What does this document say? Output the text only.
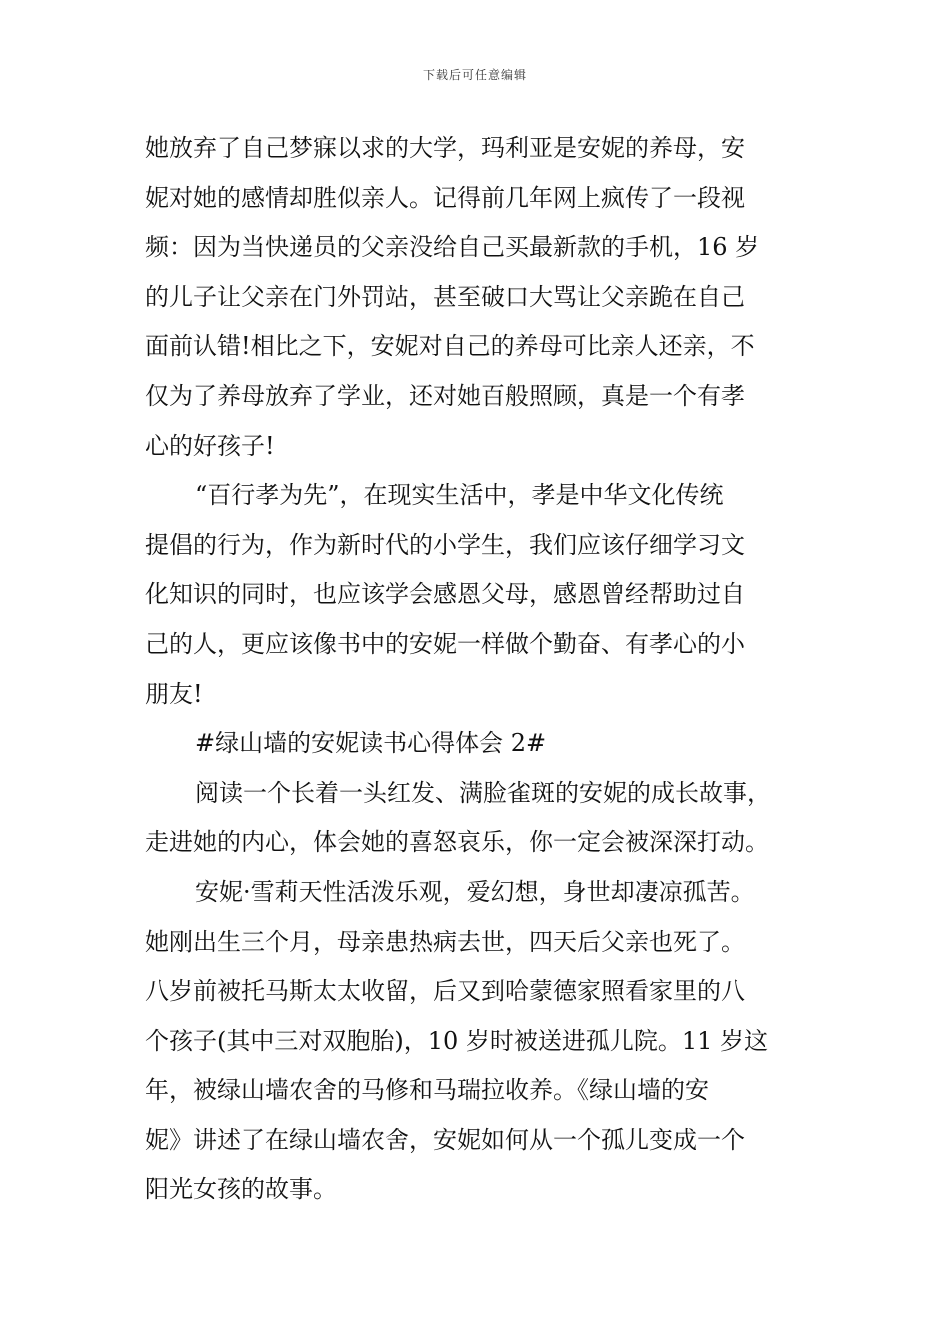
下载后可任意编辑
她放弃了自己梦寐以求的大学，玛利亚是安妮的养母，安
妮对她的感情却胜似亲人。记得前几年网上疯传了一段视
频：因为当快递员的父亲没给自己买最新款的手机，16 岁
的儿子让父亲在门外罚站，甚至破口大骂让父亲跪在自己
面前认错!相比之下，安妮对自己的养母可比亲人还亲，不
仅为了养母放弃了学业，还对她百般照顾，真是一个有孝
心的好孩子!
“百行孝为先”，在现实生活中，孝是中华文化传统
提倡的行为，作为新时代的小学生，我们应该仔细学习文
化知识的同时，也应该学会感恩父母，感恩曾经帮助过自
己的人，更应该像书中的安妮一样做个勤奋、有孝心的小
朋友!
#绿山墙的安妮读书心得体会 2#
阅读一个长着一头红发、满脸雀斑的安妮的成长故事，
走进她的内心，体会她的喜怒哀乐，你一定会被深深打动。
安妮·雪莉天性活泼乐观，爱幻想，身世却凄凉孤苦。
她刚出生三个月，母亲患热病去世，四天后父亲也死了。
八岁前被托马斯太太收留，后又到哈蒙德家照看家里的八
个孩子(其中三对双胞胎)，10 岁时被送进孤儿院。11 岁这
年，被绿山墙农舍的马修和马瑞拉收养。《绿山墙的安
妮》讲述了在绿山墙农舍，安妮如何从一个孤儿变成一个
阳光女孩的故事。
